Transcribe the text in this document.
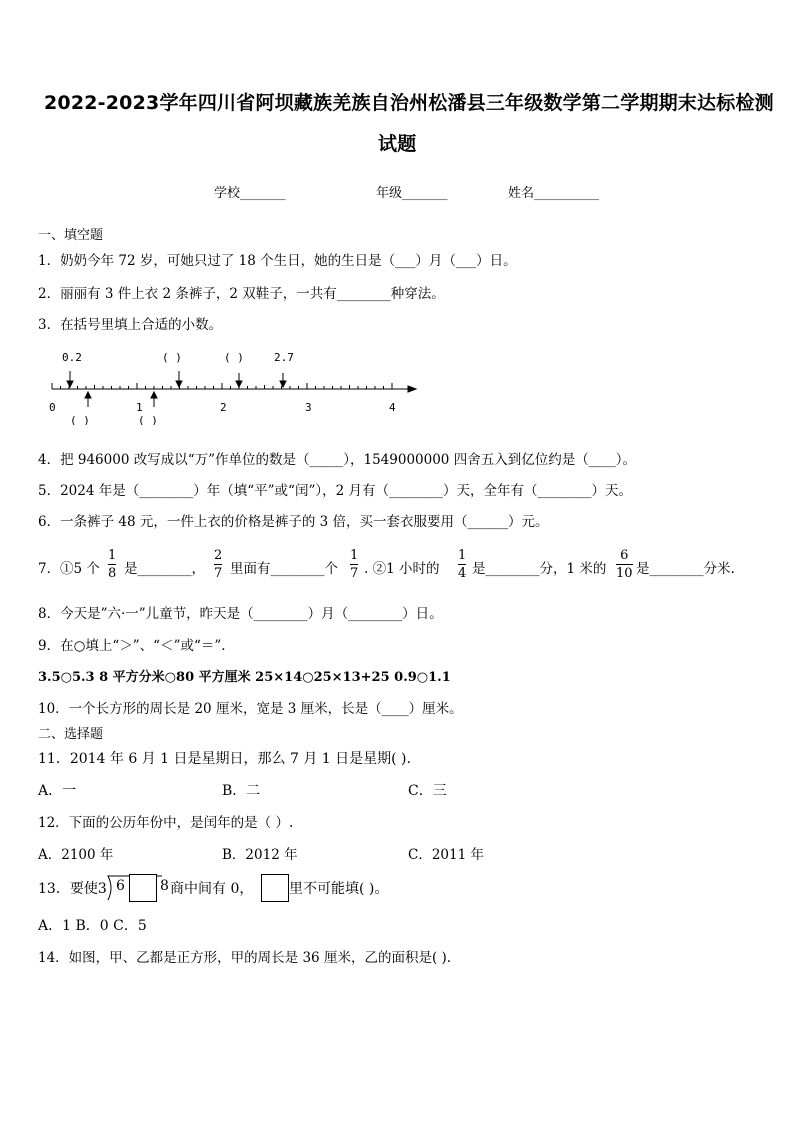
2022-2023学年四川省阿坝藏族羌族自治州松潘县三年级数学第二学期期末达标检测
试题
学校_______	年级_______	姓名__________
一、填空题
1．奶奶今年 72 岁，可她只过了 18 个生日，她的生日是（___）月（___）日。
2．丽丽有 3 件上衣 2 条裤子，2 双鞋子，一共有________种穿法。
3．在括号里填上合适的小数。
0.2	( )	( )	2.7
0	1	2	3	4
( )	( )
4．把 946000 改写成以“万”作单位的数是（_____），1549000000 四舍五入到亿位约是（____）。
5．2024 年是（________）年（填“平”或“闰”），2 月有（________）天，全年有（________）天。
6．一条裤子 48 元，一件上衣的价格是裤子的 3 倍，买一套衣服要用（______）元。
7． ①5 个
1
8 是________，
2
7 里面有________个
1
7 . ②1 小时的
1
4 是________分，1 米的
6
10 是________分米.
8．今天是”六·一”儿童节，昨天是（________）月（________）日。
9．在○填上“＞”、“＜”或“＝”.
3.5○5.3 8 平方分米○80 平方厘米 25×14○25×13+25 0.9○1.1
10．一个长方形的周长是 20 厘米，宽是 3 厘米，长是（____）厘米。
二、选择题
11．2014 年 6 月 1 日是星期日，那么 7 月 1 日是星期( ).
A．一	B．二	C．三
12．下面的公历年份中，是闰年的是（ ）.
A．2100 年	B．2012 年	C．2011 年
13．要使3 6	8 商中间有 0，	里不可能填( )。
A．1 B．0 C．5
14．如图，甲、乙都是正方形，甲的周长是 36 厘米，乙的面积是( ).
